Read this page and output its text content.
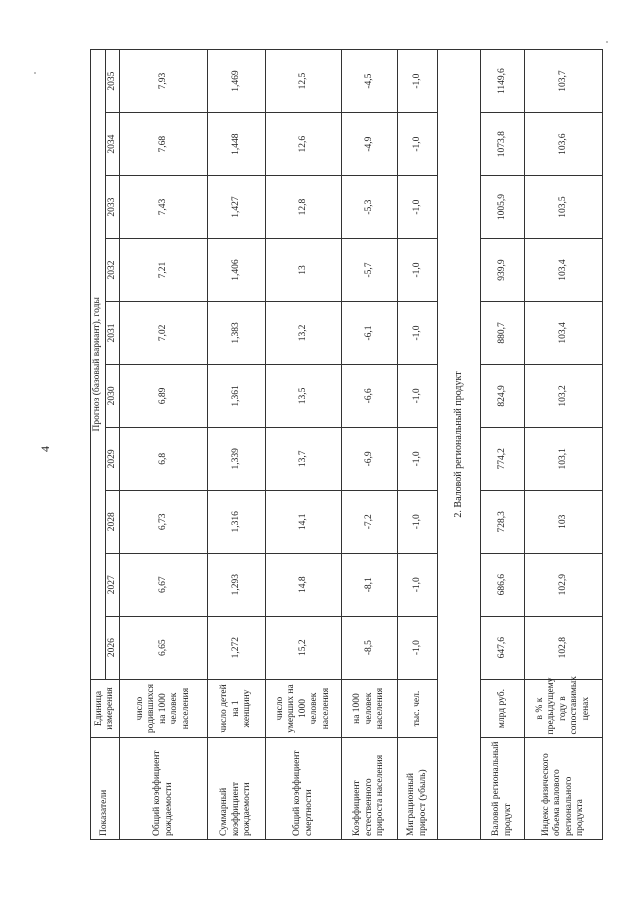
4
Показатели	Единица измерения	Прогноз (базовый вариант), годы									
		2026	2027	2028	2029	2030	2031	2032	2033	2034	2035
Общий коэффициент рождаемости	число родившихся на 1000 человек населения	6,65	6,67	6,73	6,8	6,89	7,02	7,21	7,43	7,68	7,93
Суммарный коэффициент рождаемости	число детей на 1 женщину	1,272	1,293	1,316	1,339	1,361	1,383	1,406	1,427	1,448	1,469
Общий коэффициент смертности	число умерших на 1000 человек населения	15,2	14,8	14,1	13,7	13,5	13,2	13	12,8	12,6	12,5
Коэффициент естественного прироста населения	на 1000 человек населения	-8,5	-8,1	-7,2	-6,9	-6,6	-6,1	-5,7	-5,3	-4,9	-4,5
Миграционный прирост (убыль)	тыс. чел.	-1,0	-1,0	-1,0	-1,0	-1,0	-1,0	-1,0	-1,0	-1,0	-1,0
2. Валовой региональный продукт											
Валовой региональный продукт	млрд руб.	647,6	686,6	728,3	774,2	824,9	880,7	939,9	1005,9	1073,8	1149,6
Индекс физического объема валового регионального продукта	в % к предыдущему году в сопоставимых ценах	102,8	102,9	103	103,1	103,2	103,4	103,4	103,5	103,6	103,7
